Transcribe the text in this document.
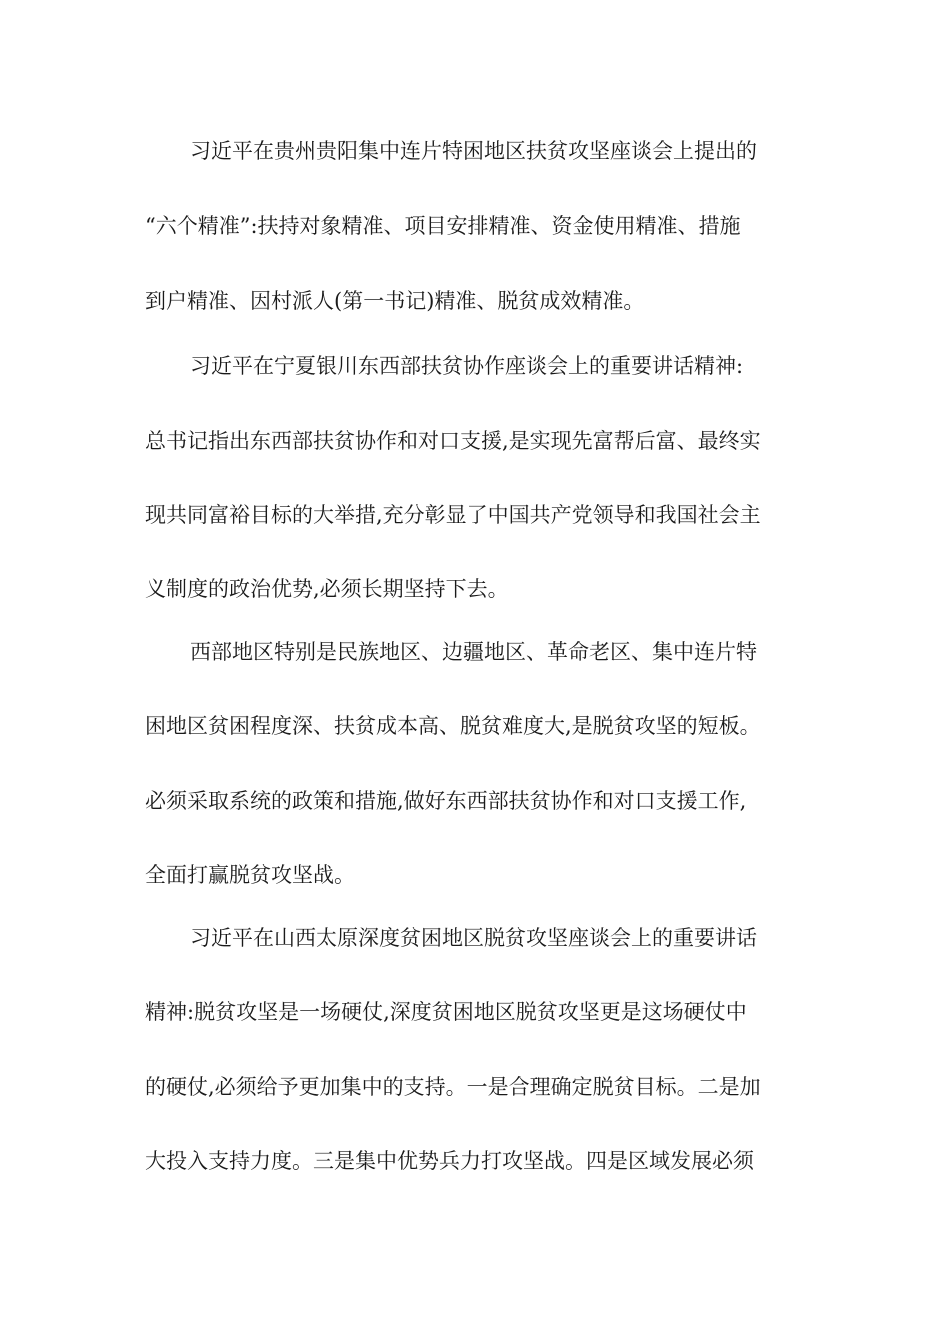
习近平在贵州贵阳集中连片特困地区扶贫攻坚座谈会上提出的
“六个精准”:扶持对象精准、项目安排精准、资金使用精准、措施
到户精准、因村派人(第一书记)精准、脱贫成效精准。
习近平在宁夏银川东西部扶贫协作座谈会上的重要讲话精神:
总书记指出东西部扶贫协作和对口支援,是实现先富帮后富、最终实
现共同富裕目标的大举措,充分彰显了中国共产党领导和我国社会主
义制度的政治优势,必须长期坚持下去。
西部地区特别是民族地区、边疆地区、革命老区、集中连片特
困地区贫困程度深、扶贫成本高、脱贫难度大,是脱贫攻坚的短板。
必须采取系统的政策和措施,做好东西部扶贫协作和对口支援工作,
全面打赢脱贫攻坚战。
习近平在山西太原深度贫困地区脱贫攻坚座谈会上的重要讲话
精神:脱贫攻坚是一场硬仗,深度贫困地区脱贫攻坚更是这场硬仗中
的硬仗,必须给予更加集中的支持。一是合理确定脱贫目标。二是加
大投入支持力度。三是集中优势兵力打攻坚战。四是区域发展必须
